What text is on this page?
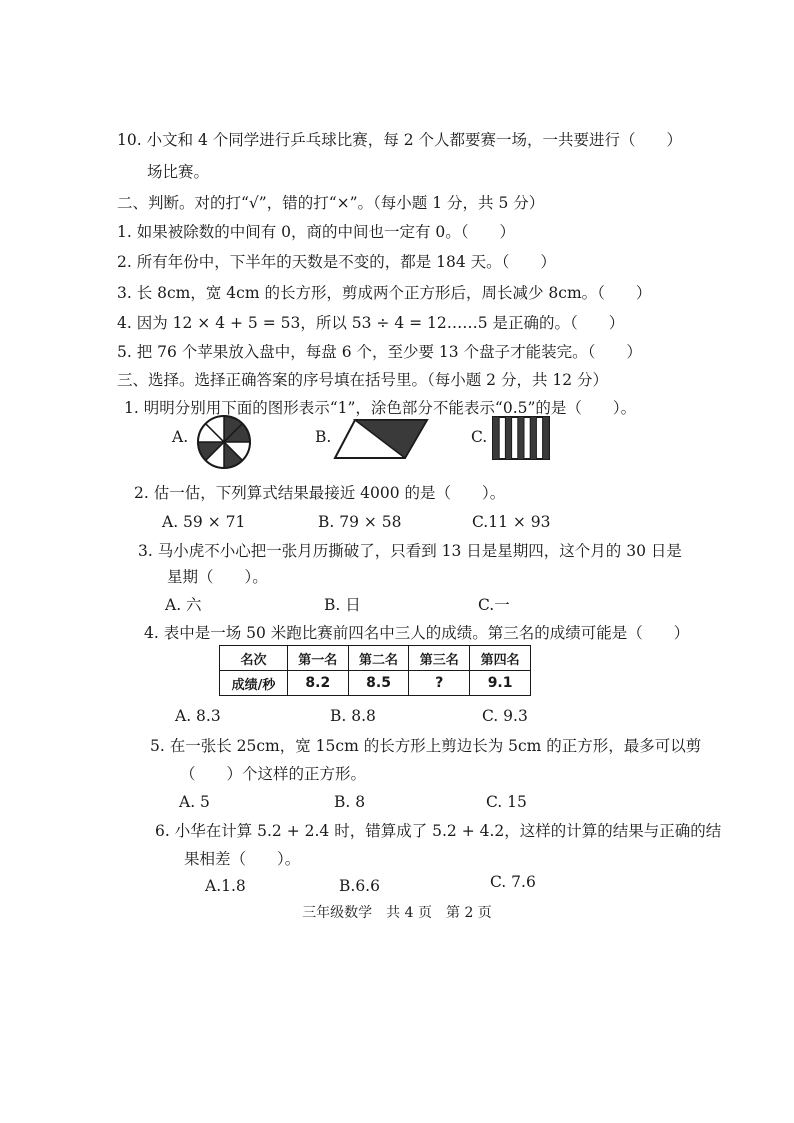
10. 小文和 4 个同学进行乒乓球比赛，每 2 个人都要赛一场，一共要进行（　　）
场比赛。
二、判断。对的打“√”，错的打“×”。（每小题 1 分，共 5 分）
1. 如果被除数的中间有 0，商的中间也一定有 0。（　　）
2. 所有年份中，下半年的天数是不变的，都是 184 天。（　　）
3. 长 8cm，宽 4cm 的长方形，剪成两个正方形后，周长减少 8cm。（　　）
4. 因为 12 × 4 + 5 = 53，所以 53 ÷ 4 = 12……5 是正确的。（　　）
5. 把 76 个苹果放入盘中，每盘 6 个，至少要 13 个盘子才能装完。（　　）
三、选择。选择正确答案的序号填在括号里。（每小题 2 分，共 12 分）
1. 明明分别用下面的图形表示“1”，涂色部分不能表示“0.5”的是（　　）。
A.	B.	C.
2. 估一估，下列算式结果最接近 4000 的是（　　）。
A. 59 × 71	B. 79 × 58	C.11 × 93
3. 马小虎不小心把一张月历撕破了，只看到 13 日是星期四，这个月的 30 日是
星期（　　）。
A. 六	B. 日	C.一
4. 表中是一场 50 米跑比赛前四名中三人的成绩。第三名的成绩可能是（　　）
名次	第一名	第二名	第三名	第四名
成绩/秒	8.2	8.5	?	9.1
A. 8.3	B. 8.8	C. 9.3
5. 在一张长 25cm，宽 15cm 的长方形上剪边长为 5cm 的正方形，最多可以剪
（　　）个这样的正方形。
A. 5	B. 8	C. 15
6. 小华在计算 5.2 + 2.4 时，错算成了 5.2 + 4.2，这样的计算的结果与正确的结
果相差（　　）。
A.1.8	B.6.6	C. 7.6
三年级数学　共 4 页　第 2 页
